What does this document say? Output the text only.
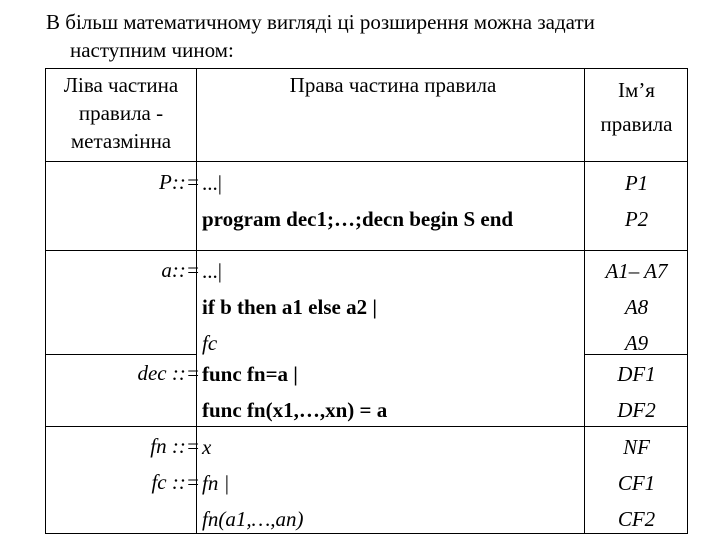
В більш математичному вигляді ці розширення можна задати
наступним чином:
Ліва частина
правила -
метазмінна
Права частина правила	Ім’я
правила
P::= ...|
program dec1;…;decn begin S end
P1
P2
a::= ...|
if b then a1 else a2 |
fc
A1– A7
A8
A9
dec ::= func fn=a |
func fn(x1,…,xn) = a
DF1
DF2
fn ::= x	NF
fc ::= fn |
fn(a1,…,an)
CF1
CF2
